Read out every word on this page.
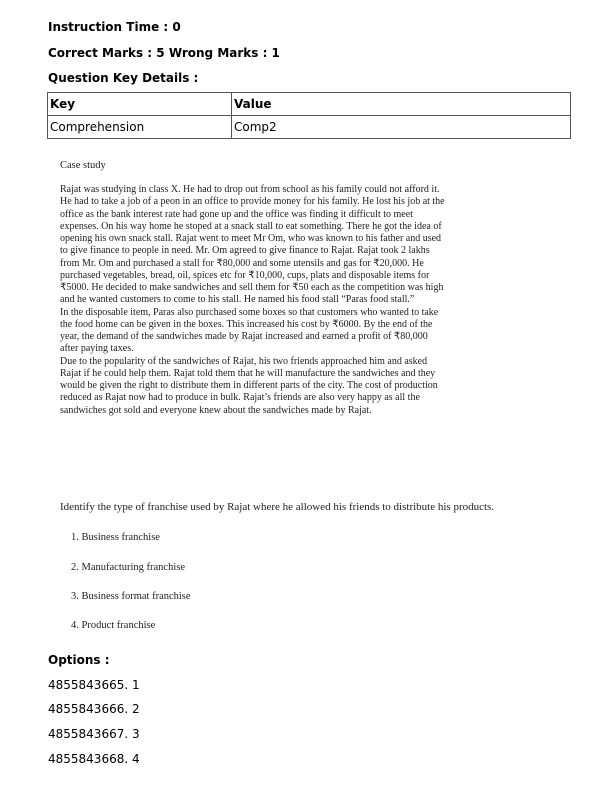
Instruction Time : 0
Correct Marks : 5 Wrong Marks : 1
Question Key Details :
Key	Value
Comprehension	Comp2
Case study

Rajat was studying in class X. He had to drop out from school as his family could not afford it. He had to take a job of a peon in an office to provide money for his family. He lost his job at the office as the bank interest rate had gone up and the office was finding it difficult to meet expenses. On his way home he stoped at a snack stall to eat something. There he got the idea of opening his own snack stall. Rajat went to meet Mr Om, who was known to his father and used to give finance to people in need. Mr. Om agreed to give finance to Rajat. Rajat took 2 lakhs from Mr. Om and purchased a stall for ₹80,000 and some utensils and gas for ₹20,000. He purchased vegetables, bread, oil, spices etc for ₹10,000, cups, plats and disposable items for ₹5000. He decided to make sandwiches and sell them for ₹50 each as the competition was high and he wanted customers to come to his stall. He named his food stall “Paras food stall.”

In the disposable item, Paras also purchased some boxes so that customers who wanted to take the food home can be given in the boxes. This increased his cost by ₹6000. By the end of the year, the demand of the sandwiches made by Rajat increased and earned a profit of ₹80,000 after paying taxes.

Due to the popularity of the sandwiches of Rajat, his two friends approached him and asked Rajat if he could help them. Rajat told them that he will manufacture the sandwiches and they would be given the right to distribute them in different parts of the city. The cost of production reduced as Rajat now had to produce in bulk. Rajat’s friends are also very happy as all the sandwiches got sold and everyone knew about the sandwiches made by Rajat.

Identify the type of franchise used by Rajat where he allowed his friends to distribute his products.
1. Business franchise
2. Manufacturing franchise
3. Business format franchise
4. Product franchise
Options :
4855843665. 1
4855843666. 2
4855843667. 3
4855843668. 4
